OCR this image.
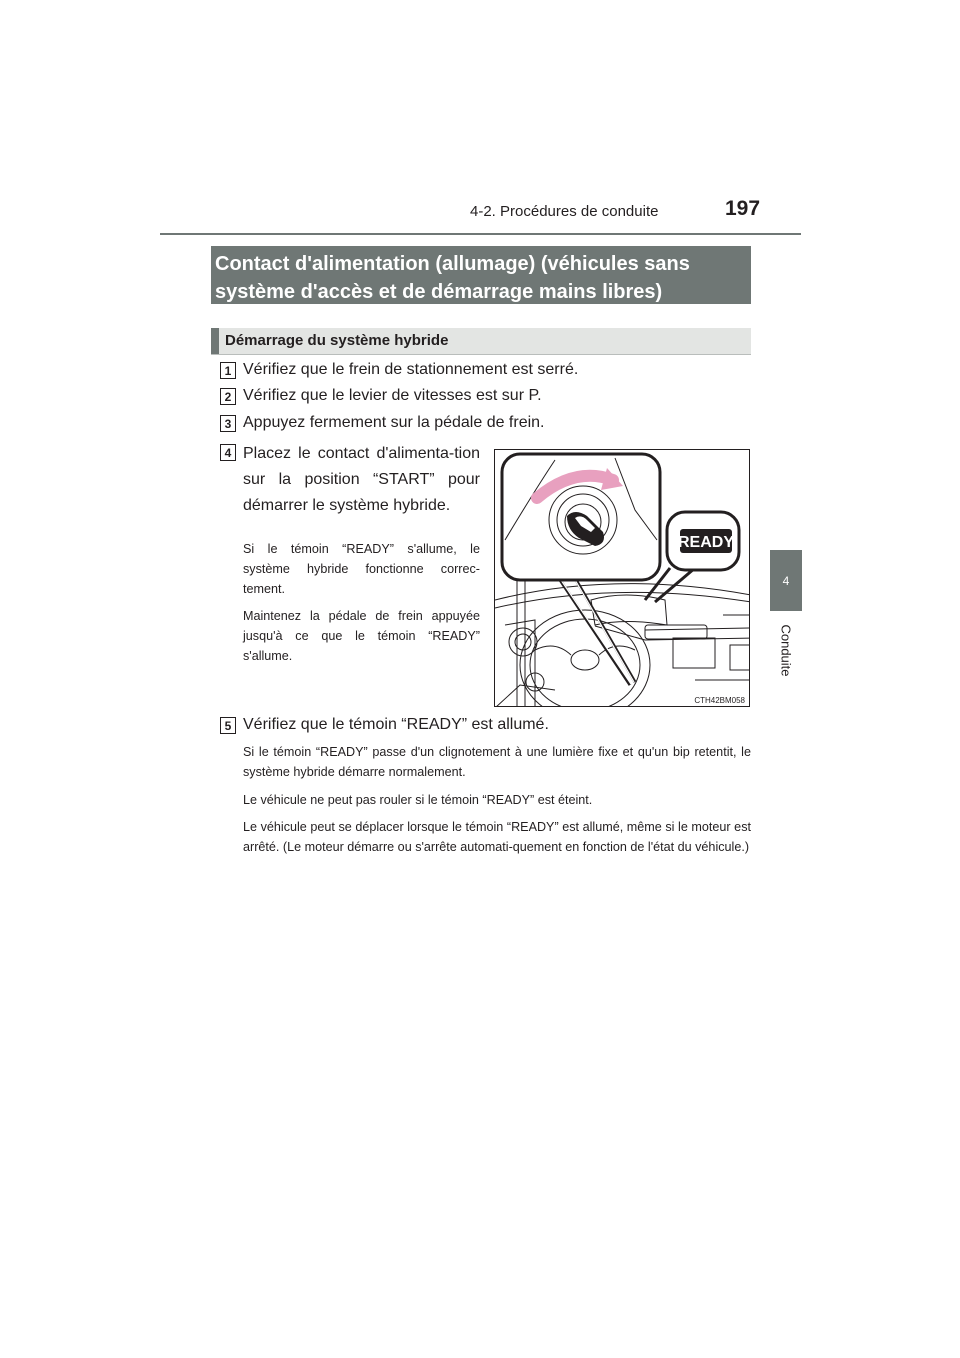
4-2. Procédures de conduite	197
4
Conduite
Contact d'alimentation (allumage) (véhicules sans
système d'accès et de démarrage mains libres)
Démarrage du système hybride
1 Vérifiez que le frein de stationnement est serré.
2 Vérifiez que le levier de vitesses est sur P.
3 Appuyez fermement sur la pédale de frein.
4 Placez le contact d'alimenta-tion sur la position “START” pour démarrer le système hybride.
Si le témoin “READY” s'allume, le système hybride fonctionne correc-tement.
Maintenez la pédale de frein appuyée jusqu'à ce que le témoin “READY” s'allume.
READY
CTH42BM058
5 Vérifiez que le témoin “READY” est allumé.
Si le témoin “READY” passe d'un clignotement à une lumière fixe et qu'un bip retentit, le système hybride démarre normalement.
Le véhicule ne peut pas rouler si le témoin “READY” est éteint.
Le véhicule peut se déplacer lorsque le témoin “READY” est allumé, même si le moteur est arrêté. (Le moteur démarre ou s'arrête automati-quement en fonction de l'état du véhicule.)
